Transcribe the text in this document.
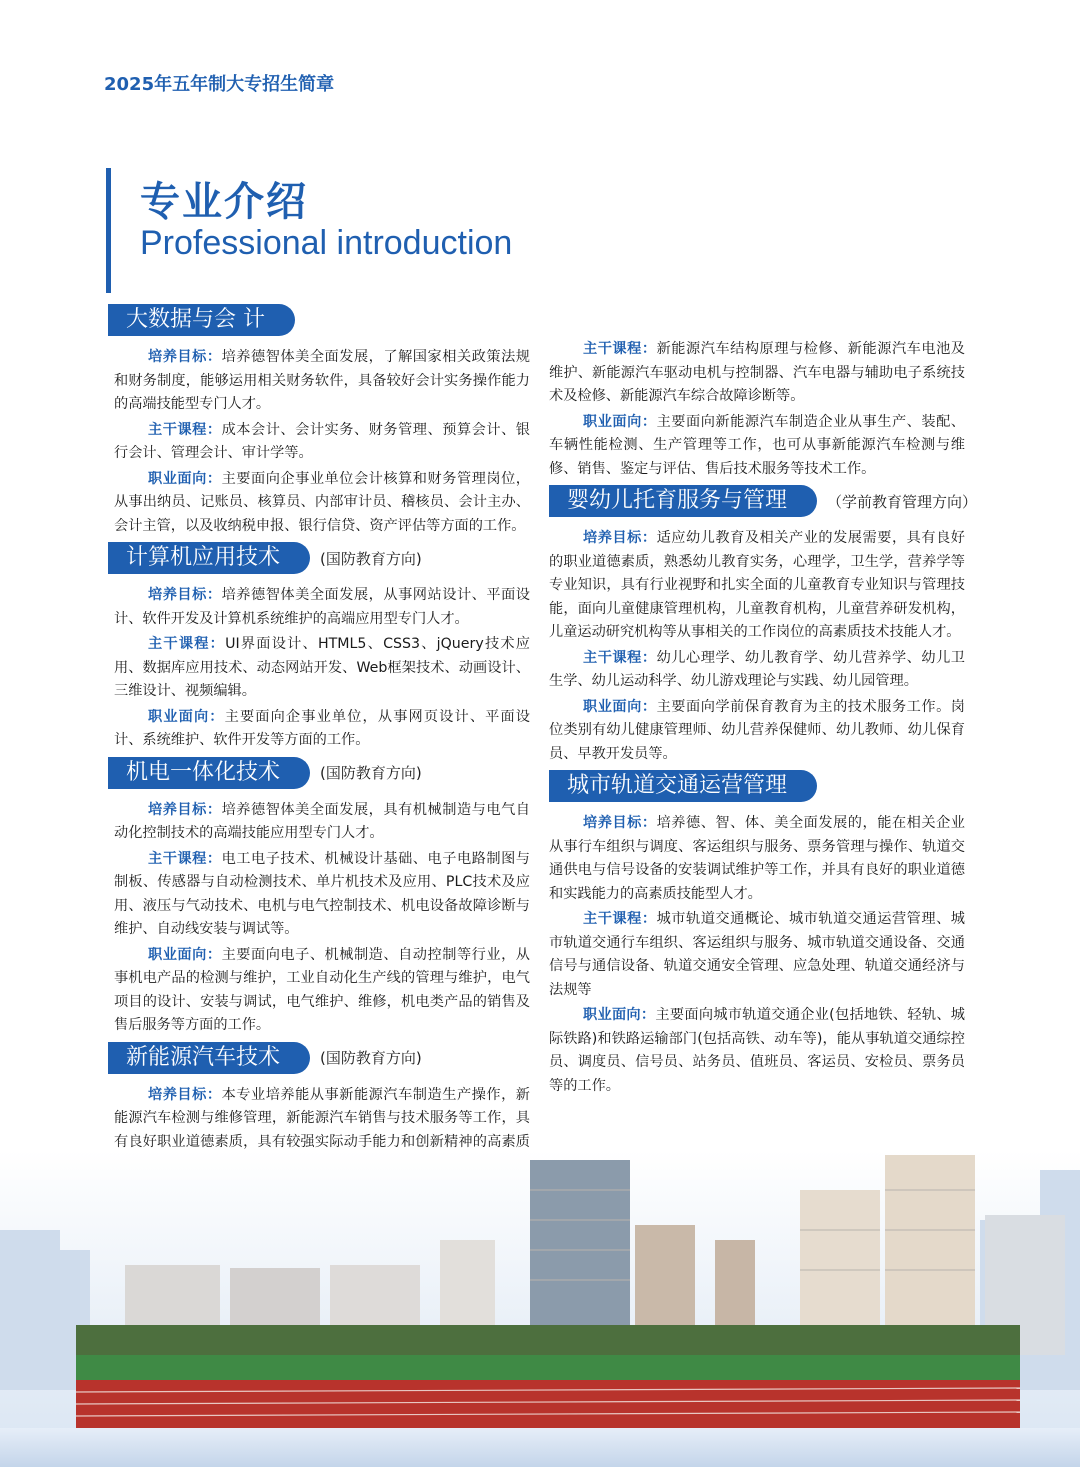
2025年五年制大专招生简章
专业介绍
Professional introduction
大数据与会 计

培养目标：培养德智体美全面发展，了解国家相关政策法规和财务制度，能够运用相关财务软件，具备较好会计实务操作能力的高端技能型专门人才。

主干课程：成本会计、会计实务、财务管理、预算会计、银行会计、管理会计、审计学等。

职业面向：主要面向企事业单位会计核算和财务管理岗位，从事出纳员、记账员、核算员、内部审计员、稽核员、会计主办、会计主管，以及收纳税申报、银行信贷、资产评估等方面的工作。

计算机应用技术	(国防教育方向)

培养目标：培养德智体美全面发展，从事网站设计、平面设计、软件开发及计算机系统维护的高端应用型专门人才。

主干课程：UI界面设计、HTML5、CSS3、jQuery技术应用、数据库应用技术、动态网站开发、Web框架技术、动画设计、三维设计、视频编辑。

职业面向：主要面向企事业单位，从事网页设计、平面设计、系统维护、软件开发等方面的工作。

机电一体化技术	(国防教育方向)

培养目标：培养德智体美全面发展，具有机械制造与电气自动化控制技术的高端技能应用型专门人才。

主干课程：电工电子技术、机械设计基础、电子电路制图与制板、传感器与自动检测技术、单片机技术及应用、PLC技术及应用、液压与气动技术、电机与电气控制技术、机电设备故障诊断与维护、自动线安装与调试等。

职业面向：主要面向电子、机械制造、自动控制等行业，从事机电产品的检测与维护，工业自动化生产线的管理与维护，电气项目的设计、安装与调试，电气维护、维修，机电类产品的销售及售后服务等方面的工作。

新能源汽车技术	(国防教育方向)

培养目标：本专业培养能从事新能源汽车制造生产操作，新能源汽车检测与维修管理，新能源汽车销售与技术服务等工作，具有良好职业道德素质，具有较强实际动手能力和创新精神的高素质

主干课程：新能源汽车结构原理与检修、新能源汽车电池及维护、新能源汽车驱动电机与控制器、汽车电器与辅助电子系统技术及检修、新能源汽车综合故障诊断等。

职业面向：主要面向新能源汽车制造企业从事生产、装配、车辆性能检测、生产管理等工作，也可从事新能源汽车检测与维修、销售、鉴定与评估、售后技术服务等技术工作。

婴幼儿托育服务与管理	（学前教育管理方向）

培养目标：适应幼儿教育及相关产业的发展需要，具有良好的职业道德素质，熟悉幼儿教育实务，心理学，卫生学，营养学等专业知识，具有行业视野和扎实全面的儿童教育专业知识与管理技能，面向儿童健康管理机构，儿童教育机构，儿童营养研发机构，儿童运动研究机构等从事相关的工作岗位的高素质技术技能人才。

主干课程：幼儿心理学、幼儿教育学、幼儿营养学、幼儿卫生学、幼儿运动科学、幼儿游戏理论与实践、幼儿园管理。

职业面向：主要面向学前保育教育为主的技术服务工作。岗位类别有幼儿健康管理师、幼儿营养保健师、幼儿教师、幼儿保育员、早教开发员等。

城市轨道交通运营管理

培养目标：培养德、智、体、美全面发展的，能在相关企业从事行车组织与调度、客运组织与服务、票务管理与操作、轨道交通供电与信号设备的安装调试维护等工作，并具有良好的职业道德和实践能力的高素质技能型人才。

主干课程：城市轨道交通概论、城市轨道交通运营管理、城市轨道交通行车组织、客运组织与服务、城市轨道交通设备、交通信号与通信设备、轨道交通安全管理、应急处理、轨道交通经济与法规等

职业面向：主要面向城市轨道交通企业(包括地铁、轻轨、城际铁路)和铁路运输部门(包括高铁、动车等)，能从事轨道交通综控员、调度员、信号员、站务员、值班员、客运员、安检员、票务员等的工作。
